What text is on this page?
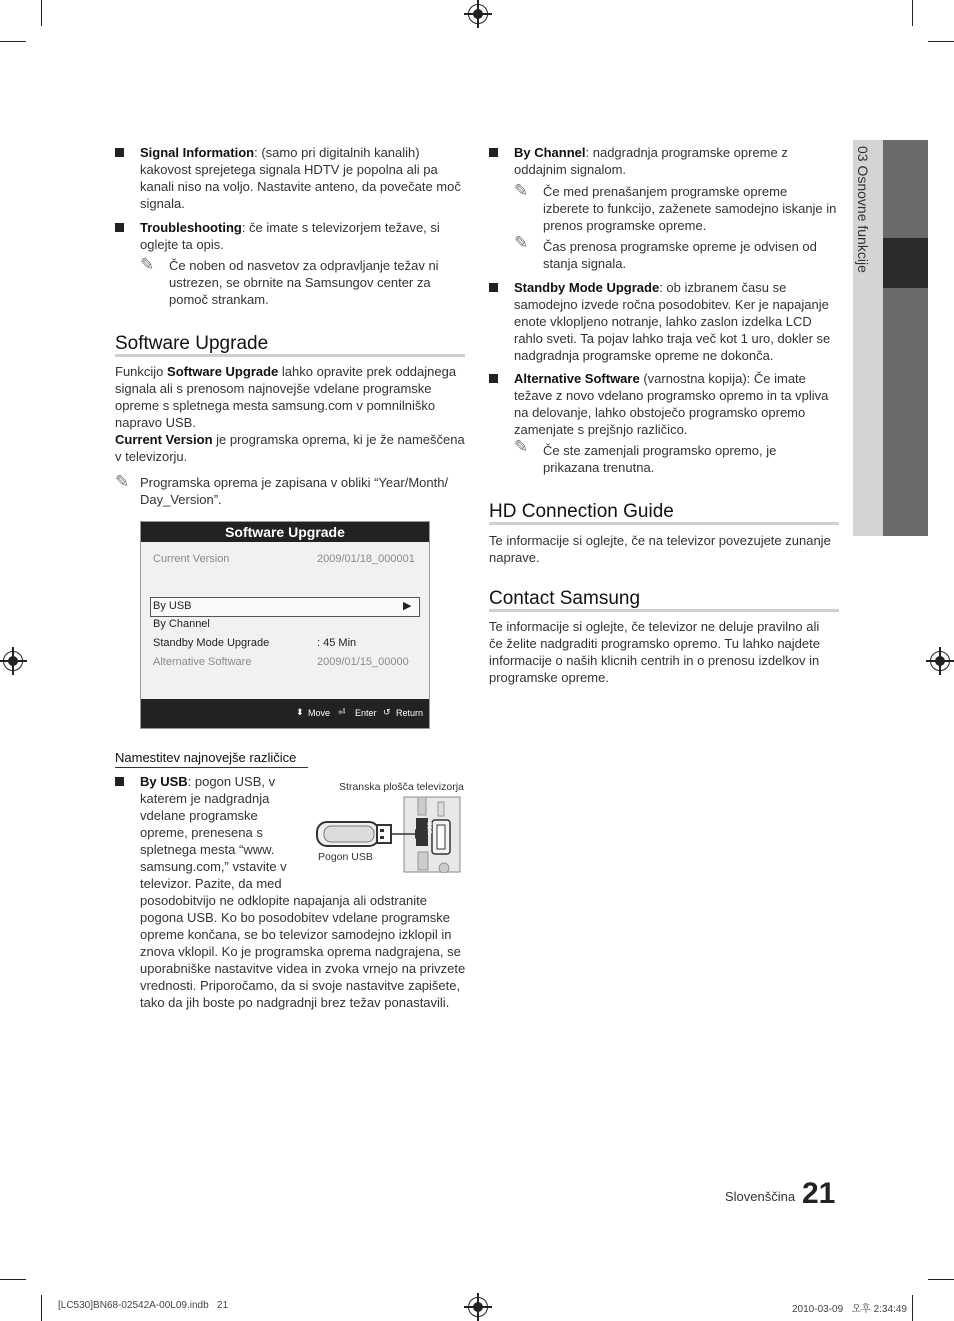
03 Osnovne funkcije
Signal Information: (samo pri digitalnih kanalih)
kakovost sprejetega signala HDTV je popolna ali pa
kanali niso na voljo. Nastavite anteno, da povečate moč
signala.
Troubleshooting: če imate s televizorjem težave, si
oglejte ta opis.
✎ Če noben od nasvetov za odpravljanje težav ni
ustrezen, se obrnite na Samsungov center za
pomoč strankam.
Software Upgrade
Funkcijo Software Upgrade lahko opravite prek oddajnega
signala ali s prenosom najnovejše vdelane programske
opreme s spletnega mesta samsung.com v pomnilniško
napravo USB.
Current Version je programska oprema, ki je že nameščena
v televizorju.
✎ Programska oprema je zapisana v obliki “Year/Month/
Day_Version”.
Software Upgrade
Current Version	2009/01/18_000001
By USB	▶
By Channel
Standby Mode Upgrade	: 45 Min
Alternative Software	2009/01/15_00000
⬍ Move ⏎ Enter ↺ Return
Namestitev najnovejše različice
By USB: pogon USB, v
katerem je nadgradnja
vdelane programske
opreme, prenesena s
spletnega mesta “www.
samsung.com,” vstavite v
televizor. Pazite, da med
posodobitvijo ne odklopite napajanja ali odstranite
pogona USB. Ko bo posodobitev vdelane programske
opreme končana, se bo televizor samodejno izklopil in
znova vklopil. Ko je programska oprema nadgrajena, se
uporabniške nastavitve videa in zvoka vrnejo na privzete
vrednosti. Priporočamo, da si svoje nastavitve zapišete,
tako da jih boste po nadgradnji brez težav ponastavili.
Stranska plošča televizorja
Pogon USB
USB
By Channel: nadgradnja programske opreme z
oddajnim signalom.
✎ Če med prenašanjem programske opreme
izberete to funkcijo, zaženete samodejno iskanje in
prenos programske opreme.
✎ Čas prenosa programske opreme je odvisen od
stanja signala.
Standby Mode Upgrade: ob izbranem času se
samodejno izvede ročna posodobitev. Ker je napajanje
enote vklopljeno notranje, lahko zaslon izdelka LCD
rahlo sveti. Ta pojav lahko traja več kot 1 uro, dokler se
nadgradnja programske opreme ne dokonča.
Alternative Software (varnostna kopija): Če imate
težave z novo vdelano programsko opremo in ta vpliva
na delovanje, lahko obstoječo programsko opremo
zamenjate s prejšnjo različico.
✎ Če ste zamenjali programsko opremo, je
prikazana trenutna.
HD Connection Guide
Te informacije si oglejte, če na televizor povezujete zunanje
naprave.
Contact Samsung
Te informacije si oglejte, če televizor ne deluje pravilno ali
če želite nadgraditi programsko opremo. Tu lahko najdete
informacije o naših klicnih centrih in o prenosu izdelkov in
programske opreme.
Slovenščina 21
[LC530]BN68-02542A-00L09.indb   21	2010-03-09   오후 2:34:49
